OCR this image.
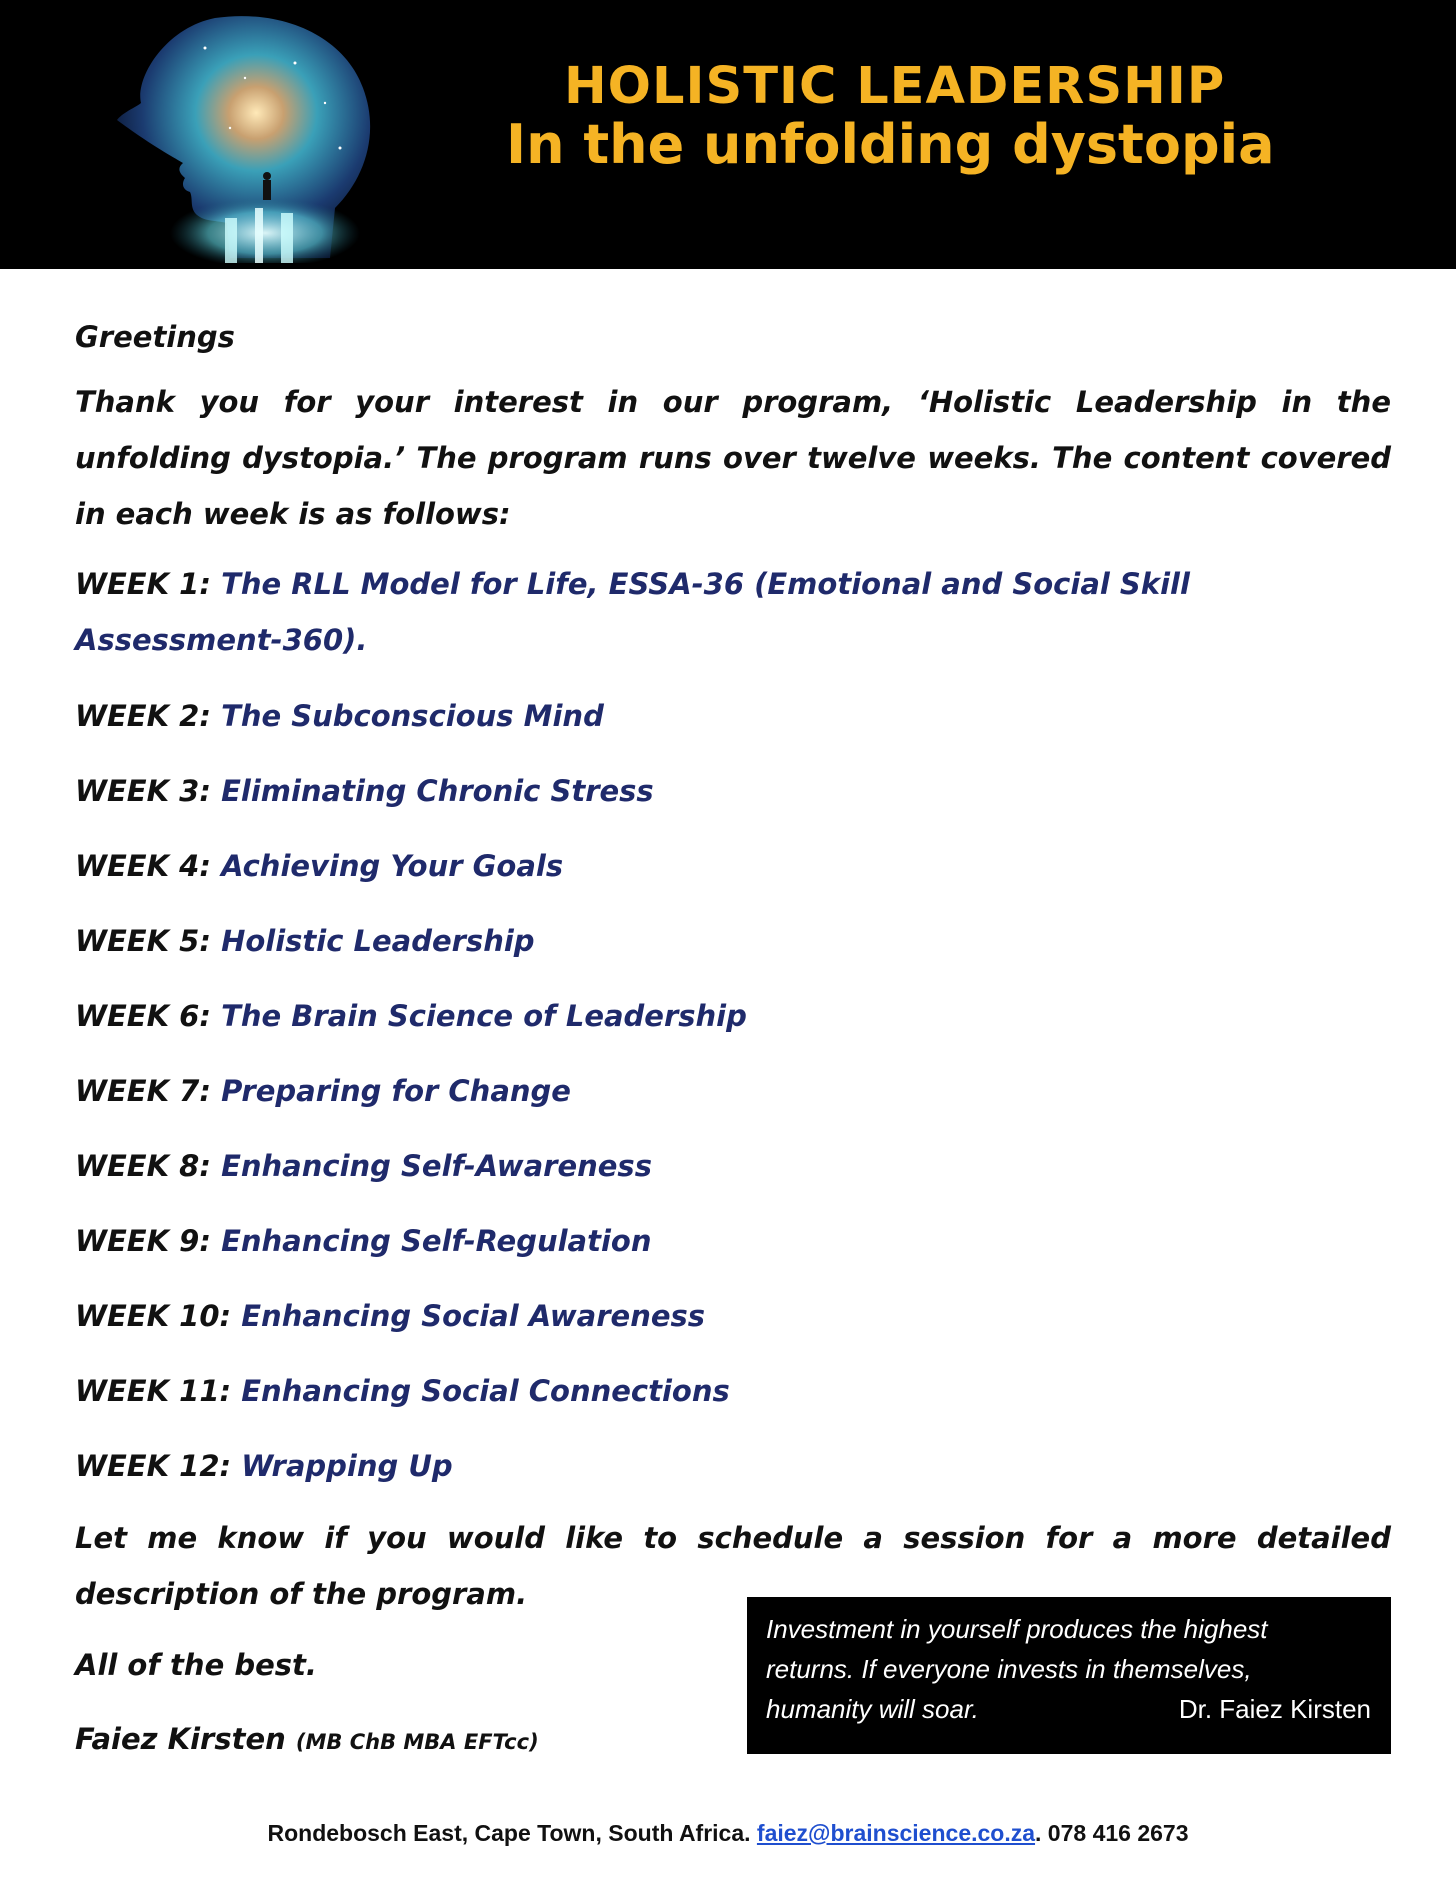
HOLISTIC LEADERSHIP
In the unfolding dystopia
Greetings
Thank you for your interest in our program, ‘Holistic Leadership in the unfolding dystopia.’ The program runs over twelve weeks. The content covered in each week is as follows:
WEEK 1: The RLL Model for Life, ESSA-36 (Emotional and Social Skill Assessment-360).
WEEK 2: The Subconscious Mind
WEEK 3: Eliminating Chronic Stress
WEEK 4: Achieving Your Goals
WEEK 5: Holistic Leadership
WEEK 6: The Brain Science of Leadership
WEEK 7: Preparing for Change
WEEK 8: Enhancing Self-Awareness
WEEK 9: Enhancing Self-Regulation
WEEK 10: Enhancing Social Awareness
WEEK 11: Enhancing Social Connections
WEEK 12: Wrapping Up
Let me know if you would like to schedule a session for a more detailed description of the program.
All of the best.
Faiez Kirsten (MB ChB MBA EFTcc)
Investment in yourself produces the highest
returns. If everyone invests in themselves,
humanity will soar.	Dr. Faiez Kirsten
Rondebosch East, Cape Town, South Africa. faiez@brainscience.co.za. 078 416 2673
